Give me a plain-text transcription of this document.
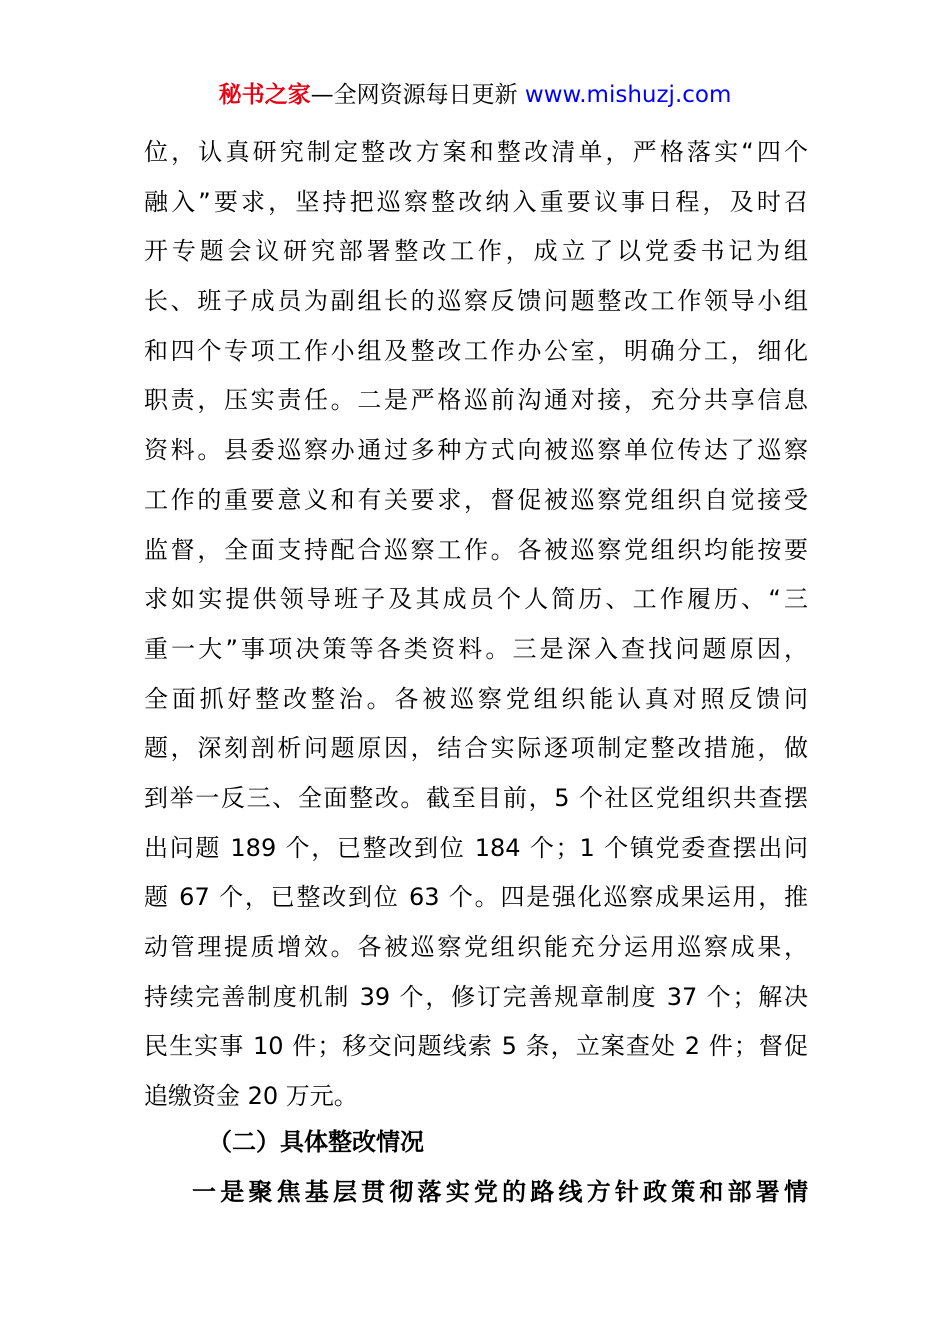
秘书之家—全网资源每日更新 www.mishuzj.com
位，认真研究制定整改方案和整改清单，严格落实“四个
融入”要求，坚持把巡察整改纳入重要议事日程，及时召
开专题会议研究部署整改工作，成立了以党委书记为组
长、班子成员为副组长的巡察反馈问题整改工作领导小组
和四个专项工作小组及整改工作办公室，明确分工，细化
职责，压实责任。二是严格巡前沟通对接，充分共享信息
资料。县委巡察办通过多种方式向被巡察单位传达了巡察
工作的重要意义和有关要求，督促被巡察党组织自觉接受
监督，全面支持配合巡察工作。各被巡察党组织均能按要
求如实提供领导班子及其成员个人简历、工作履历、“三
重一大”事项决策等各类资料。三是深入查找问题原因，
全面抓好整改整治。各被巡察党组织能认真对照反馈问
题，深刻剖析问题原因，结合实际逐项制定整改措施，做
到举一反三、全面整改。截至目前，5 个社区党组织共查摆
出问题 189 个，已整改到位 184 个；1 个镇党委查摆出问
题 67 个，已整改到位 63 个。四是强化巡察成果运用，推
动管理提质增效。各被巡察党组织能充分运用巡察成果，
持续完善制度机制 39 个，修订完善规章制度 37 个；解决
民生实事 10 件；移交问题线索 5 条，立案查处 2 件；督促
追缴资金 20 万元。
（二）具体整改情况
一是聚焦基层贯彻落实党的路线方针政策和部署情
